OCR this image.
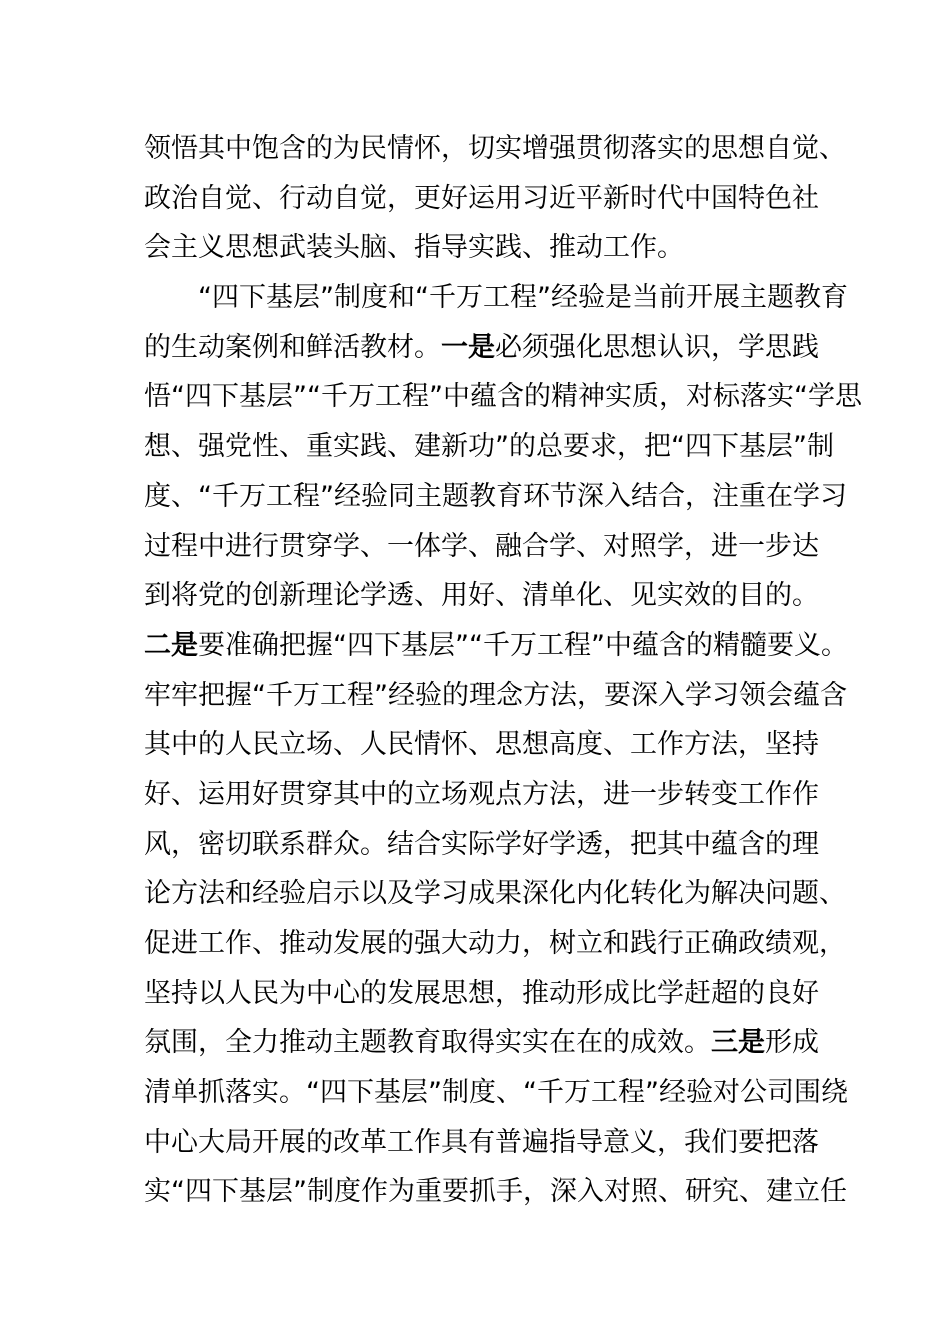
领悟其中饱含的为民情怀，切实增强贯彻落实的思想自觉、
政治自觉、行动自觉，更好运用习近平新时代中国特色社
会主义思想武装头脑、指导实践、推动工作。
“四下基层”制度和“千万工程”经验是当前开展主题教育
的生动案例和鲜活教材。一是必须强化思想认识，学思践
悟“四下基层”“千万工程”中蕴含的精神实质，对标落实“学思
想、强党性、重实践、建新功”的总要求，把“四下基层”制
度、“千万工程”经验同主题教育环节深入结合，注重在学习
过程中进行贯穿学、一体学、融合学、对照学，进一步达
到将党的创新理论学透、用好、清单化、见实效的目的。
二是要准确把握“四下基层”“千万工程”中蕴含的精髓要义。
牢牢把握“千万工程”经验的理念方法，要深入学习领会蕴含
其中的人民立场、人民情怀、思想高度、工作方法，坚持
好、运用好贯穿其中的立场观点方法，进一步转变工作作
风，密切联系群众。结合实际学好学透，把其中蕴含的理
论方法和经验启示以及学习成果深化内化转化为解决问题、
促进工作、推动发展的强大动力，树立和践行正确政绩观，
坚持以人民为中心的发展思想，推动形成比学赶超的良好
氛围，全力推动主题教育取得实实在在的成效。三是形成
清单抓落实。“四下基层”制度、“千万工程”经验对公司围绕
中心大局开展的改革工作具有普遍指导意义，我们要把落
实“四下基层”制度作为重要抓手，深入对照、研究、建立任
